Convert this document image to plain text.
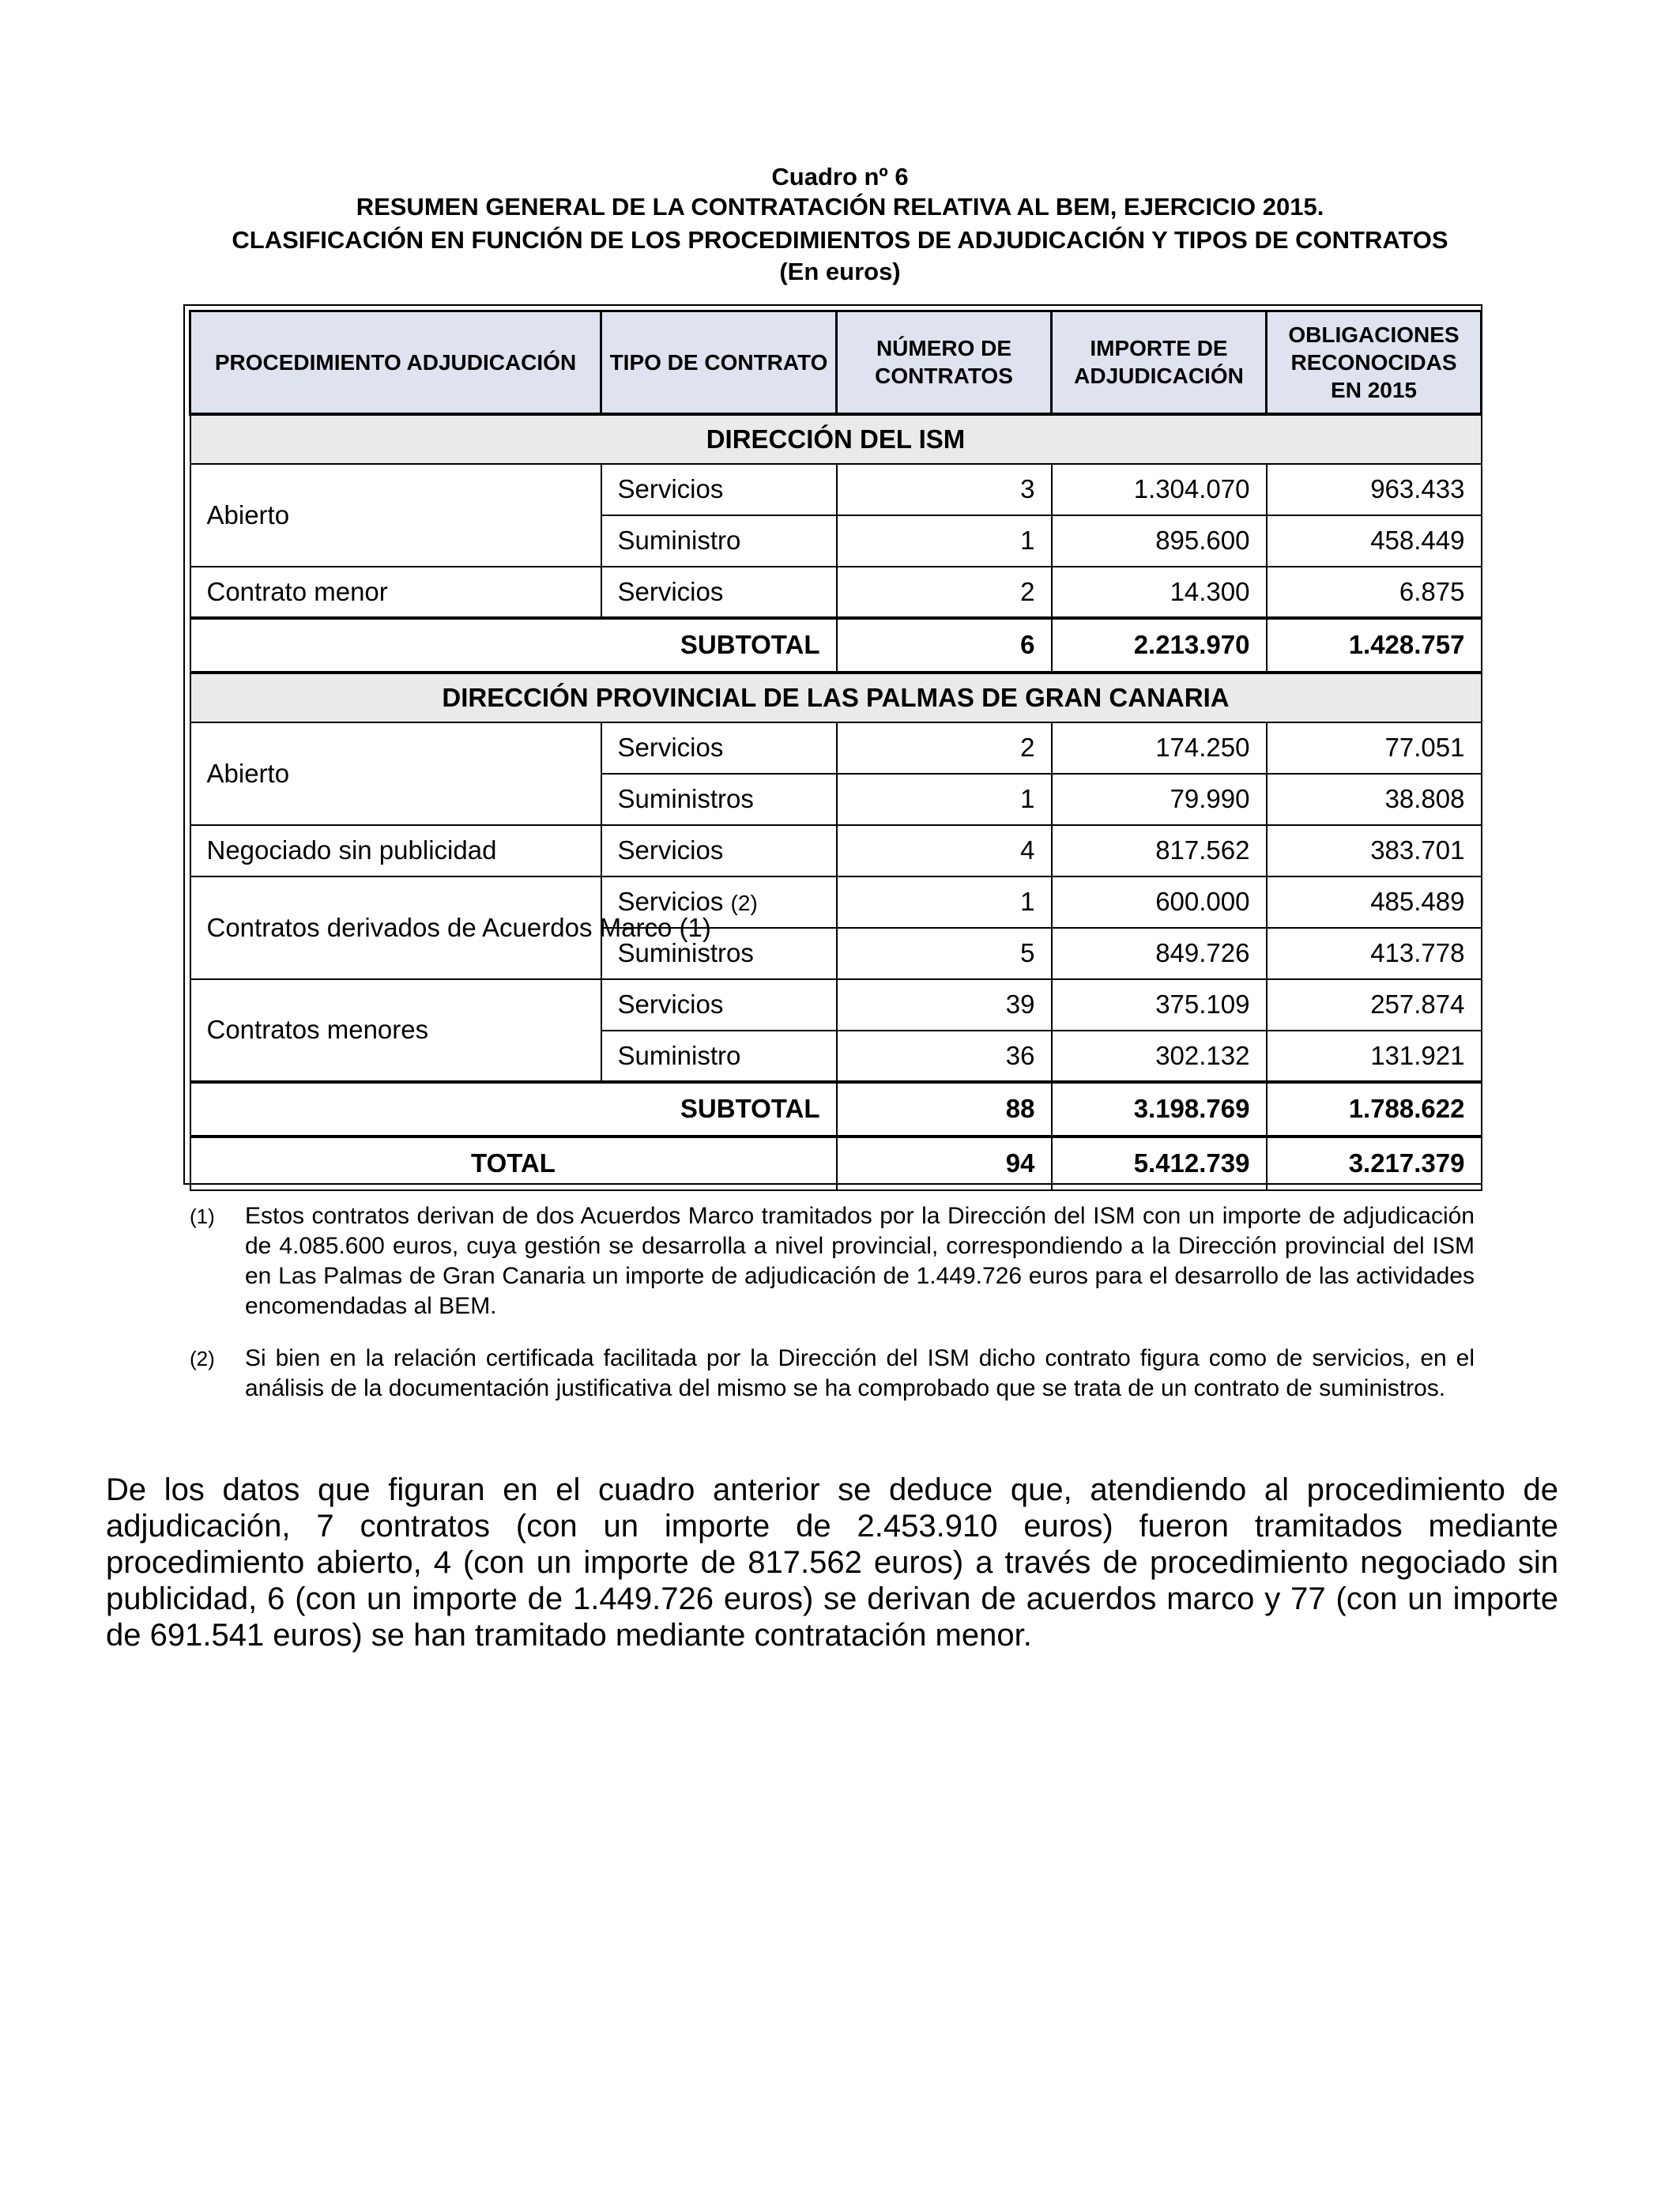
Cuadro nº 6
RESUMEN GENERAL DE LA CONTRATACIÓN RELATIVA AL BEM, EJERCICIO 2015.
CLASIFICACIÓN EN FUNCIÓN DE LOS PROCEDIMIENTOS DE ADJUDICACIÓN Y TIPOS DE CONTRATOS
(En euros)
PROCEDIMIENTO ADJUDICACIÓN	TIPO DE CONTRATO	NÚMERO DE CONTRATOS	IMPORTE DE ADJUDICACIÓN	OBLIGACIONES RECONOCIDAS EN 2015
DIRECCIÓN DEL ISM				
Abierto	Servicios	3	1.304.070	963.433
	Suministro	1	895.600	458.449
Contrato menor	Servicios	2	14.300	6.875
SUBTOTAL		6	2.213.970	1.428.757
DIRECCIÓN PROVINCIAL DE LAS PALMAS DE GRAN CANARIA				
Abierto	Servicios	2	174.250	77.051
	Suministros	1	79.990	38.808
Negociado sin publicidad	Servicios	4	817.562	383.701
Contratos derivados de Acuerdos Marco (1)	Servicios (2)	1	600.000	485.489
	Suministros	5	849.726	413.778
Contratos menores	Servicios	39	375.109	257.874
	Suministro	36	302.132	131.921
SUBTOTAL		88	3.198.769	1.788.622
TOTAL		94	5.412.739	3.217.379
(1) Estos contratos derivan de dos Acuerdos Marco tramitados por la Dirección del ISM con un importe de adjudicación de 4.085.600 euros, cuya gestión se desarrolla a nivel provincial, correspondiendo a la Dirección provincial del ISM en Las Palmas de Gran Canaria un importe de adjudicación de 1.449.726 euros para el desarrollo de las actividades encomendadas al BEM.
(2) Si bien en la relación certificada facilitada por la Dirección del ISM dicho contrato figura como de servicios, en el análisis de la documentación justificativa del mismo se ha comprobado que se trata de un contrato de suministros.
De los datos que figuran en el cuadro anterior se deduce que, atendiendo al procedimiento de adjudicación, 7 contratos (con un importe de 2.453.910 euros) fueron tramitados mediante procedimiento abierto, 4 (con un importe de 817.562 euros) a través de procedimiento negociado sin publicidad, 6 (con un importe de 1.449.726 euros) se derivan de acuerdos marco y 77 (con un importe de 691.541 euros) se han tramitado mediante contratación menor.
